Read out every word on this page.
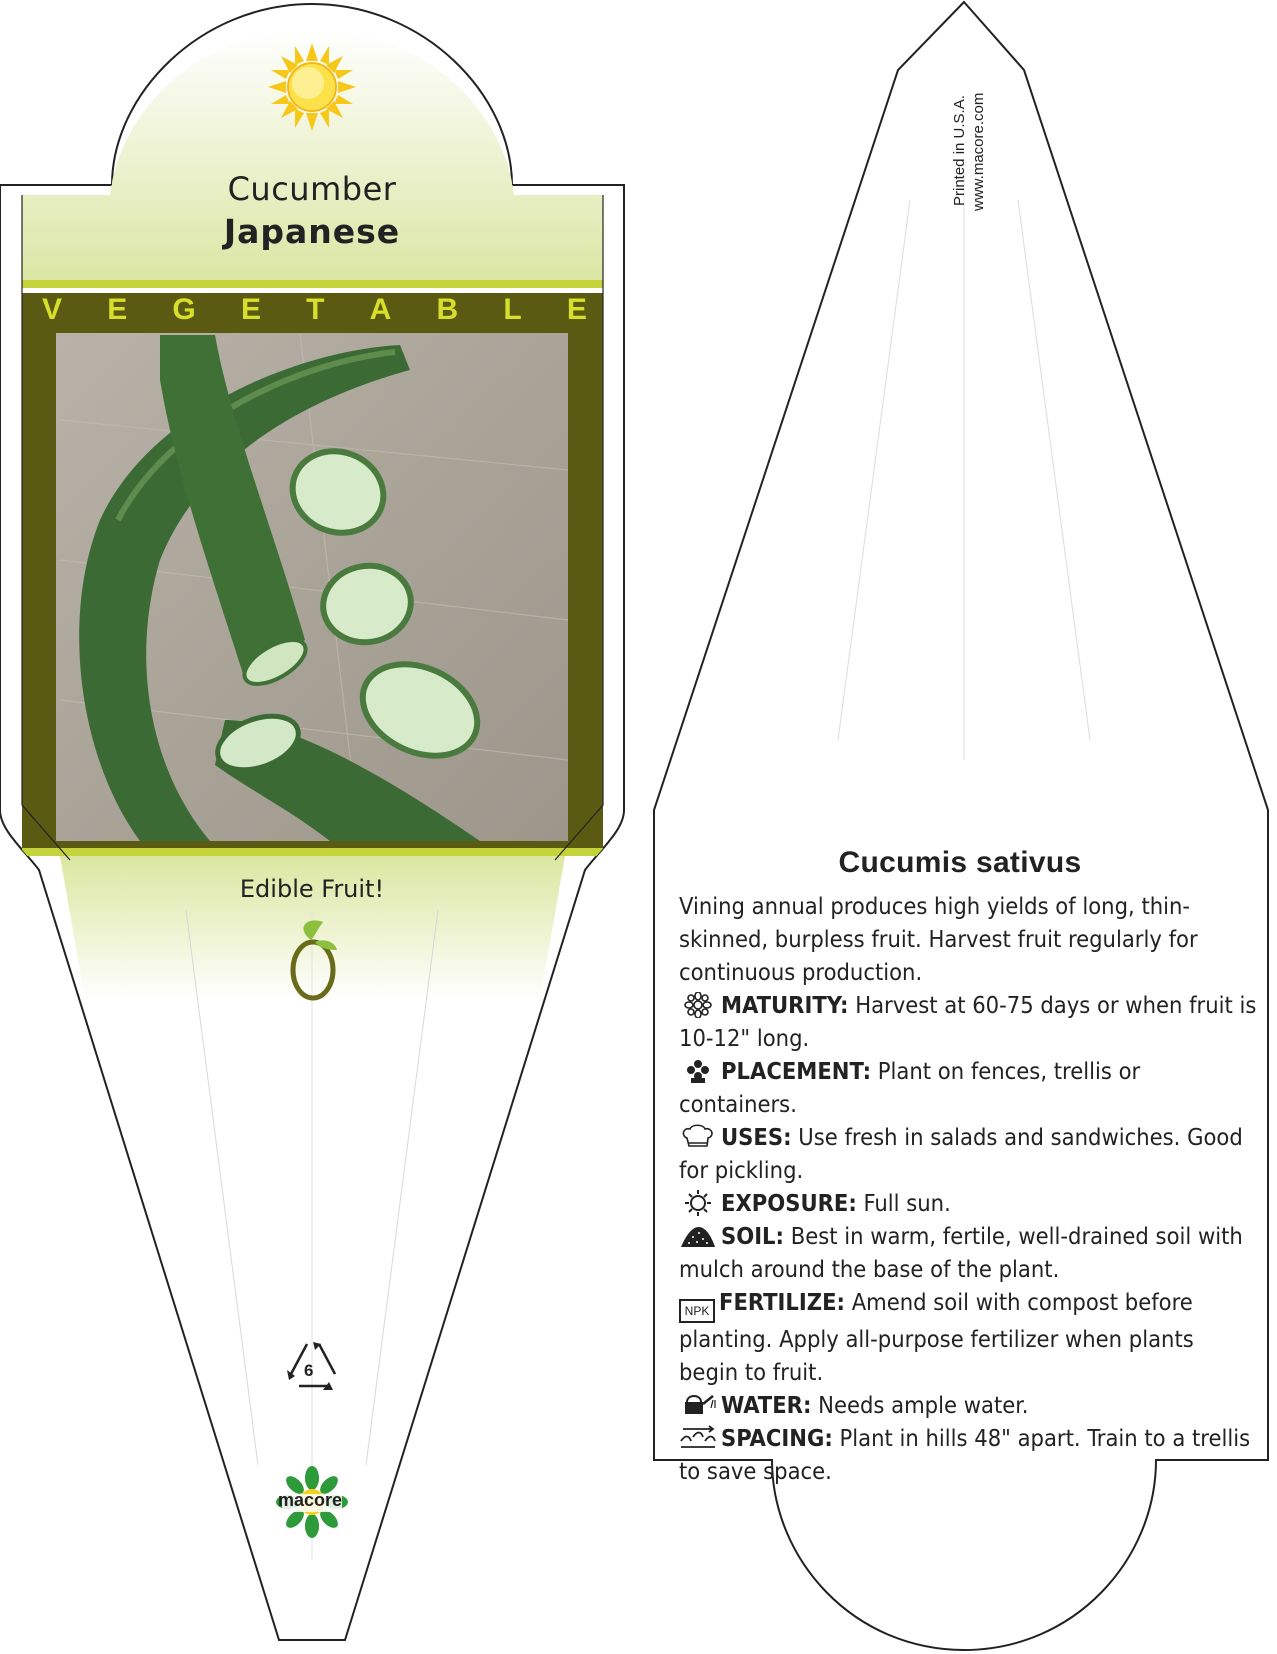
Cucumber
Japanese
V E G E T A B L E
Edible Fruit!
6
macore
Printed in U.S.A. www.macore.com
Cucumis sativus

Vining annual produces high yields of long, thin-skinned, burpless fruit. Harvest fruit regularly for continuous production.

MATURITY: Harvest at 60-75 days or when fruit is 10-12" long.

PLACEMENT: Plant on fences, trellis or containers.

USES: Use fresh in salads and sandwiches. Good for pickling.

EXPOSURE: Full sun.

SOIL: Best in warm, fertile, well-drained soil with mulch around the base of the plant.

NPK FERTILIZE: Amend soil with compost before planting. Apply all-purpose fertilizer when plants begin to fruit.

WATER: Needs ample water.

SPACING: Plant in hills 48" apart. Train to a trellis to save space.
